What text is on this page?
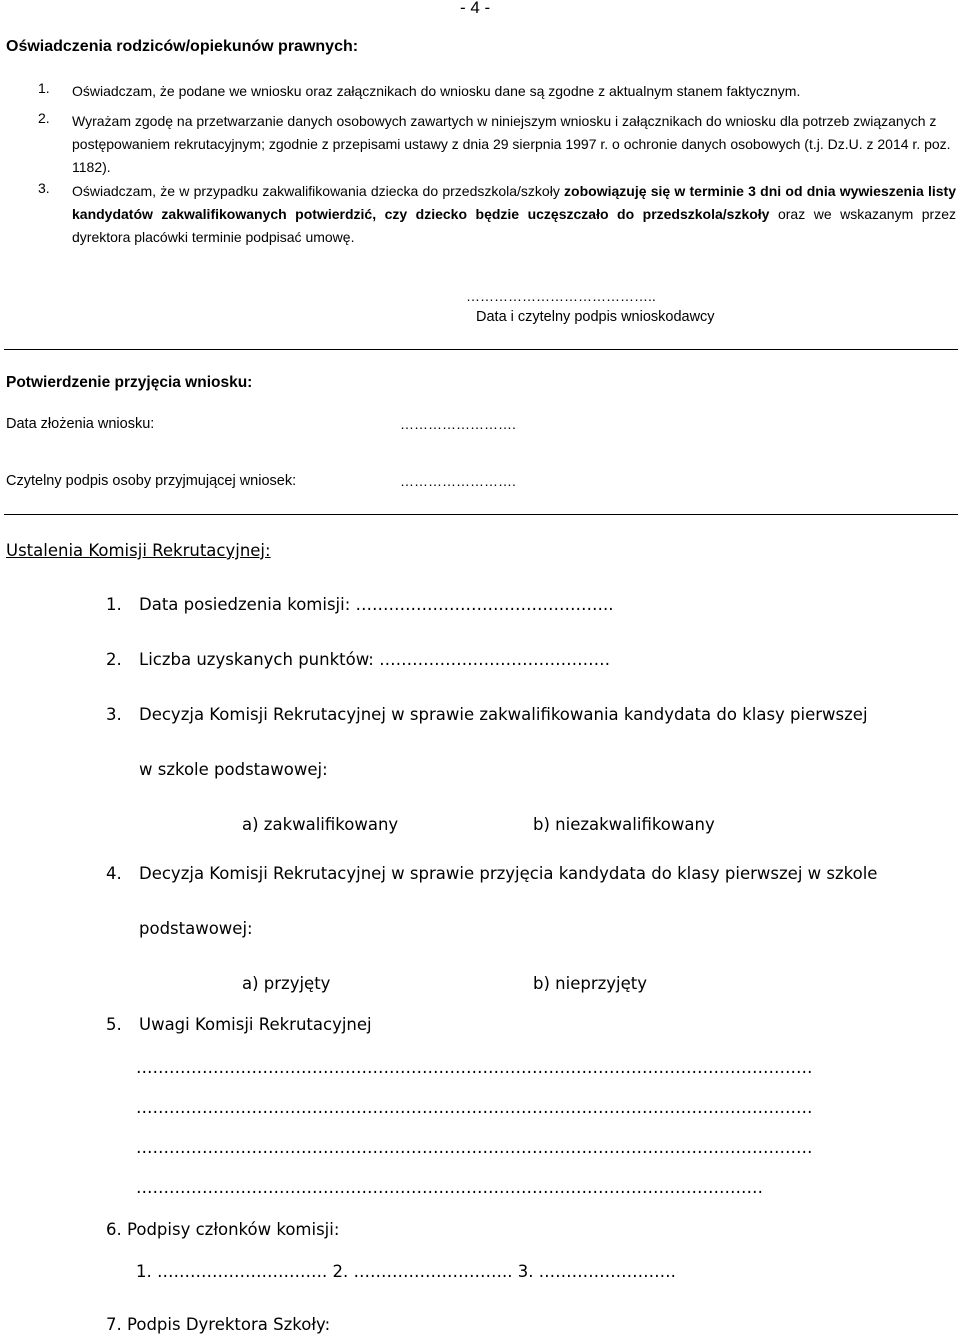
- 4 -
Oświadczenia rodziców/opiekunów prawnych:
1. Oświadczam, że podane we wniosku oraz załącznikach do wniosku dane są zgodne z aktualnym stanem faktycznym.
2. Wyrażam zgodę na przetwarzanie danych osobowych zawartych w niniejszym wniosku i załącznikach do wniosku dla potrzeb związanych z postępowaniem rekrutacyjnym; zgodnie z przepisami ustawy z dnia 29 sierpnia 1997 r. o ochronie danych osobowych (t.j. Dz.U. z 2014 r. poz. 1182).
3. Oświadczam, że w przypadku zakwalifikowania dziecka do przedszkola/szkoły zobowiązuję się w terminie 3 dni od dnia wywieszenia listy kandydatów zakwalifikowanych potwierdzić, czy dziecko będzie uczęszczało do przedszkola/szkoły oraz we wskazanym przez dyrektora placówki terminie podpisać umowę.
…………………………………..
Data i czytelny podpis wnioskodawcy
Potwierdzenie przyjęcia wniosku:
Data złożenia wniosku:	…………………….
Czytelny podpis osoby przyjmującej wniosek:	…………………….
Ustalenia Komisji Rekrutacyjnej:
1. Data posiedzenia komisji: ………………………………………..
2. Liczba uzyskanych punktów: ……………………………………
3. Decyzja Komisji Rekrutacyjnej w sprawie zakwalifikowania kandydata do klasy pierwszej
w szkole podstawowej:
a) zakwalifikowany	b) niezakwalifikowany
4. Decyzja Komisji Rekrutacyjnej w sprawie przyjęcia kandydata do klasy pierwszej w szkole
podstawowej:
a) przyjęty	b) nieprzyjęty
5. Uwagi Komisji Rekrutacyjnej
……………………………………………………………………………………………………………
……………………………………………………………………………………………………………
……………………………………………………………………………………………………………
……………………………………………………………………………………………………
6. Podpisy członków komisji:
1. …………………………. 2. ……………………….. 3. …………………….
7. Podpis Dyrektora Szkoły:
